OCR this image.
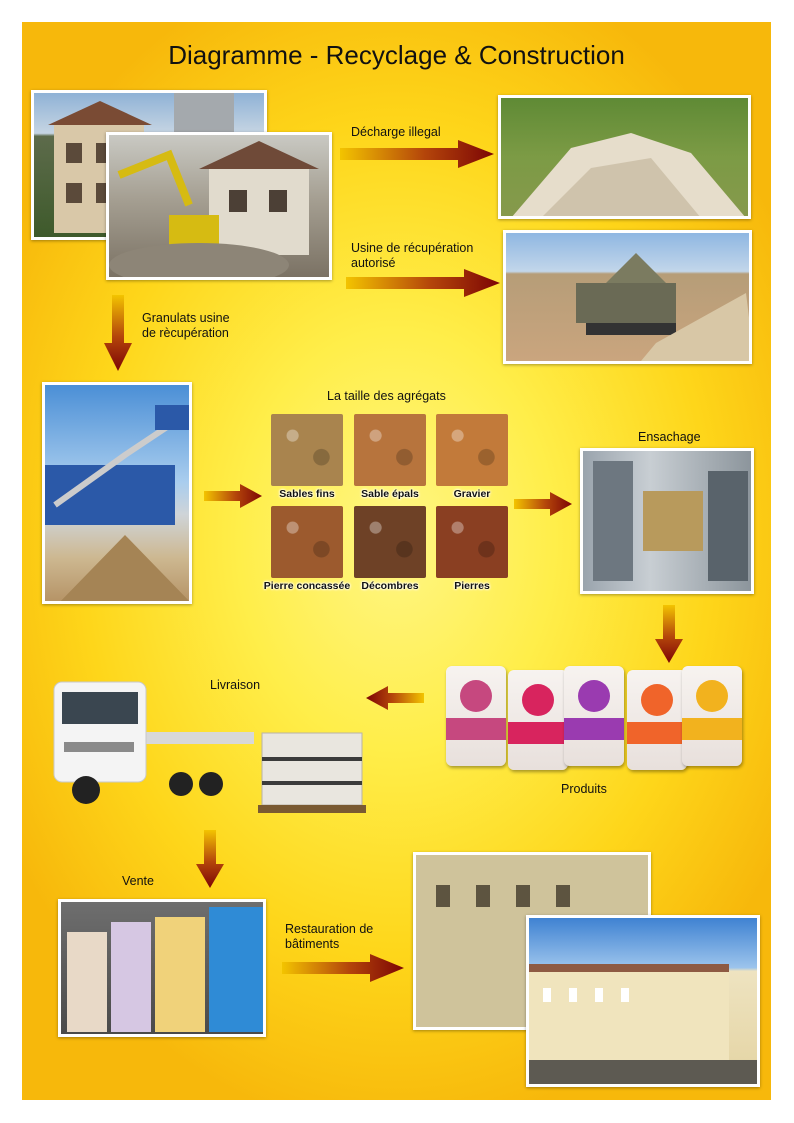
Diagramme - Recyclage & Construction
Décharge illegal
Usine de récupération autorisé
Granulats usine de rècupération
La taille des agrégats
Sables fins	Sable épals	Gravier
Pierre concassée	Décombres	Pierres
Ensachage
Produits
Livraison
Vente
Restauration de bâtiments
